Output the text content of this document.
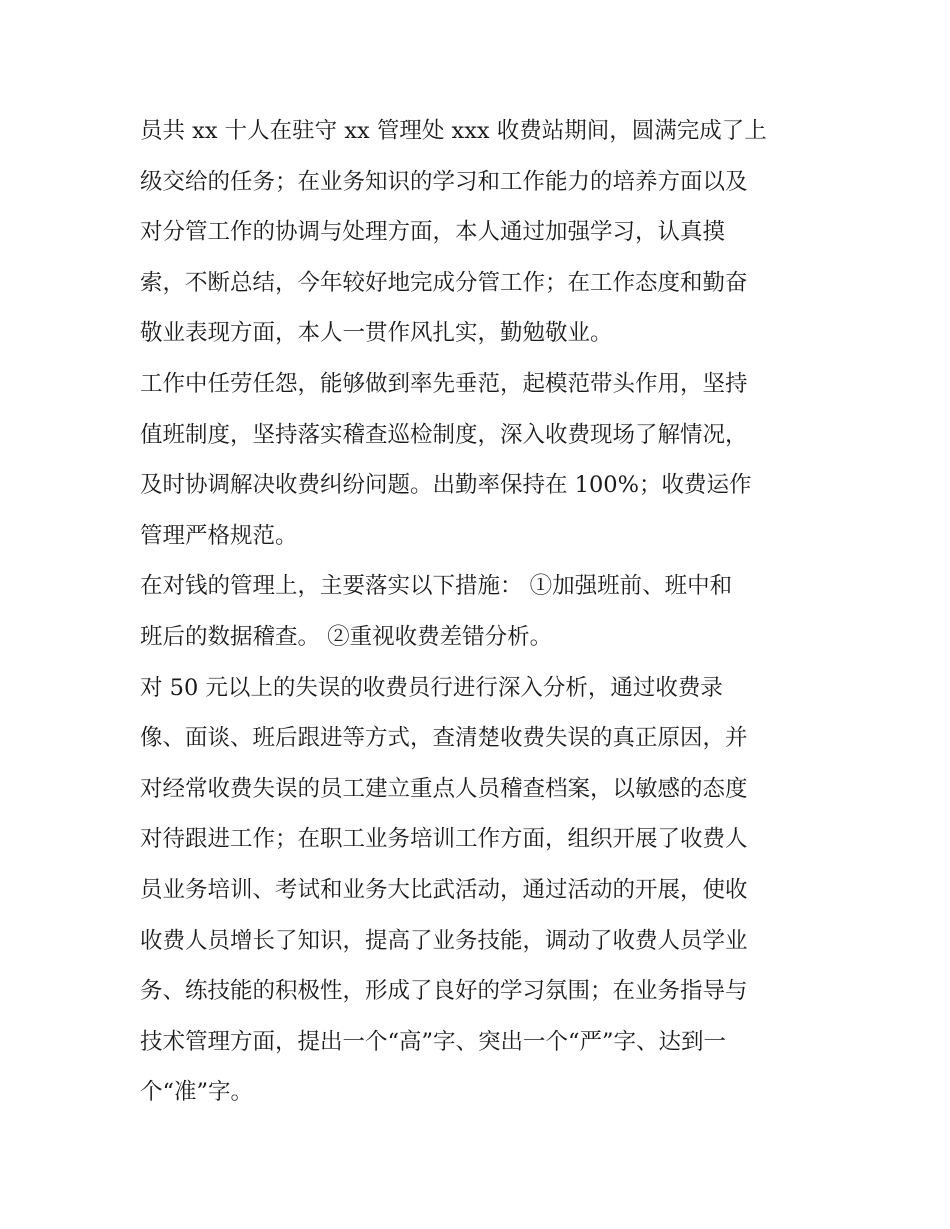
员共 xx 十人在驻守 xx 管理处 xxx 收费站期间，圆满完成了上
级交给的任务；在业务知识的学习和工作能力的培养方面以及
对分管工作的协调与处理方面，本人通过加强学习，认真摸
索，不断总结，今年较好地完成分管工作；在工作态度和勤奋
敬业表现方面，本人一贯作风扎实，勤勉敬业。
工作中任劳任怨，能够做到率先垂范，起模范带头作用，坚持
值班制度，坚持落实稽查巡检制度，深入收费现场了解情况，
及时协调解决收费纠纷问题。出勤率保持在 100%；收费运作
管理严格规范。
在对钱的管理上，主要落实以下措施： ①加强班前、班中和
班后的数据稽查。 ②重视收费差错分析。
对 50 元以上的失误的收费员行进行深入分析，通过收费录
像、面谈、班后跟进等方式，查清楚收费失误的真正原因，并
对经常收费失误的员工建立重点人员稽查档案，以敏感的态度
对待跟进工作；在职工业务培训工作方面，组织开展了收费人
员业务培训、考试和业务大比武活动，通过活动的开展，使收
收费人员增长了知识，提高了业务技能，调动了收费人员学业
务、练技能的积极性，形成了良好的学习氛围；在业务指导与
技术管理方面，提出一个“高”字、突出一个“严”字、达到一
个“准”字。
